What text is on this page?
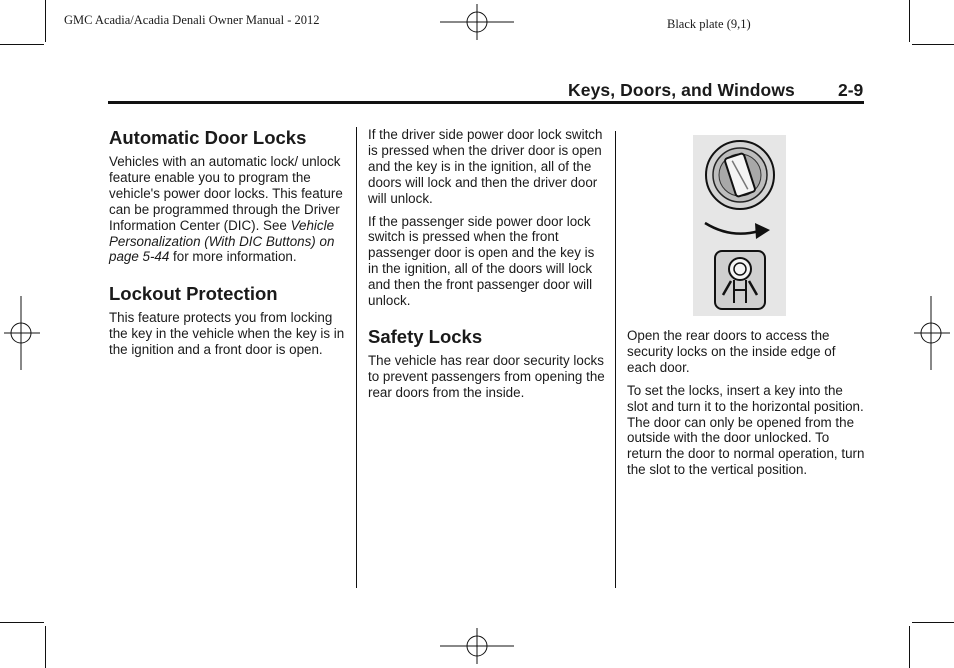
GMC Acadia/Acadia Denali Owner Manual - 2012	Black plate (9,1)
Keys, Doors, and Windows 2-9
Automatic Door Locks

Vehicles with an automatic lock/ unlock feature enable you to program the vehicle's power door locks. This feature can be programmed through the Driver Information Center (DIC). See Vehicle Personalization (With DIC Buttons) on page 5-44 for more information.

Lockout Protection

This feature protects you from locking the key in the vehicle when the key is in the ignition and a front door is open.

If the driver side power door lock switch is pressed when the driver door is open and the key is in the ignition, all of the doors will lock and then the driver door will unlock.

If the passenger side power door lock switch is pressed when the front passenger door is open and the key is in the ignition, all of the doors will lock and then the front passenger door will unlock.

Safety Locks

The vehicle has rear door security locks to prevent passengers from opening the rear doors from the inside.

Open the rear doors to access the security locks on the inside edge of each door.

To set the locks, insert a key into the slot and turn it to the horizontal position. The door can only be opened from the outside with the door unlocked. To return the door to normal operation, turn the slot to the vertical position.
